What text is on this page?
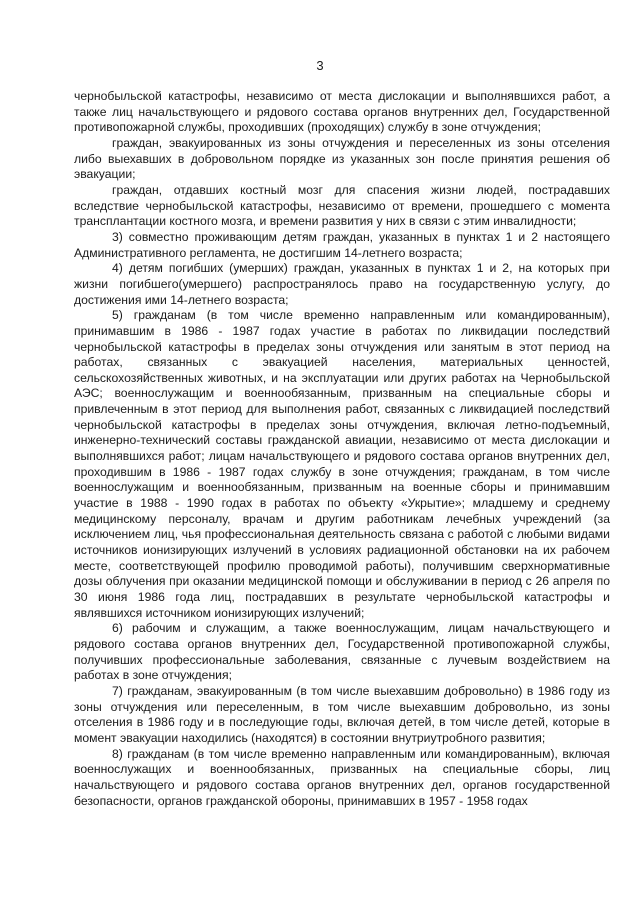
3

чернобыльской катастрофы, независимо от места дислокации и выполнявшихся работ, а также лиц начальствующего и рядового состава органов внутренних дел, Государственной противопожарной службы, проходивших (проходящих) службу в зоне отчуждения;

граждан, эвакуированных из зоны отчуждения и переселенных из зоны отселения либо выехавших в добровольном порядке из указанных зон после принятия решения об эвакуации;

граждан, отдавших костный мозг для спасения жизни людей, пострадавших вследствие чернобыльской катастрофы, независимо от времени, прошедшего с момента трансплантации костного мозга, и времени развития у них в связи с этим инвалидности;

3) совместно проживающим детям граждан, указанных в пунктах 1 и 2 настоящего Административного регламента, не достигшим 14-летнего возраста;

4) детям погибших (умерших) граждан, указанных в пунктах 1 и 2, на которых при жизни погибшего(умершего) распространялось право на государственную услугу, до достижения ими 14-летнего возраста;

5) гражданам (в том числе временно направленным или командированным), принимавшим в 1986 - 1987 годах участие в работах по ликвидации последствий чернобыльской катастрофы в пределах зоны отчуждения или занятым в этот период на работах, связанных с эвакуацией населения, материальных ценностей, сельскохозяйственных животных, и на эксплуатации или других работах на Чернобыльской АЭС; военнослужащим и военнообязанным, призванным на специальные сборы и привлеченным в этот период для выполнения работ, связанных с ликвидацией последствий чернобыльской катастрофы в пределах зоны отчуждения, включая летно-подъемный, инженерно-технический составы гражданской авиации, независимо от места дислокации и выполнявшихся работ; лицам начальствующего и рядового состава органов внутренних дел, проходившим в 1986 - 1987 годах службу в зоне отчуждения; гражданам, в том числе военнослужащим и военнообязанным, призванным на военные сборы и принимавшим участие в 1988 - 1990 годах в работах по объекту «Укрытие»; младшему и среднему медицинскому персоналу, врачам и другим работникам лечебных учреждений (за исключением лиц, чья профессиональная деятельность связана с работой с любыми видами источников ионизирующих излучений в условиях радиационной обстановки на их рабочем месте, соответствующей профилю проводимой работы), получившим сверхнормативные дозы облучения при оказании медицинской помощи и обслуживании в период с 26 апреля по 30 июня 1986 года лиц, пострадавших в результате чернобыльской катастрофы и являвшихся источником ионизирующих излучений;

6) рабочим и служащим, а также военнослужащим, лицам начальствующего и рядового состава органов внутренних дел, Государственной противопожарной службы, получивших профессиональные заболевания, связанные с лучевым воздействием на работах в зоне отчуждения;

7) гражданам, эвакуированным (в том числе выехавшим добровольно) в 1986 году из зоны отчуждения или переселенным, в том числе выехавшим добровольно, из зоны отселения в 1986 году и в последующие годы, включая детей, в том числе детей, которые в момент эвакуации находились (находятся) в состоянии внутриутробного развития;

8) гражданам (в том числе временно направленным или командированным), включая военнослужащих и военнообязанных, призванных на специальные сборы, лиц начальствующего и рядового состава органов внутренних дел, органов государственной безопасности, органов гражданской обороны, принимавших в 1957 - 1958 годах
